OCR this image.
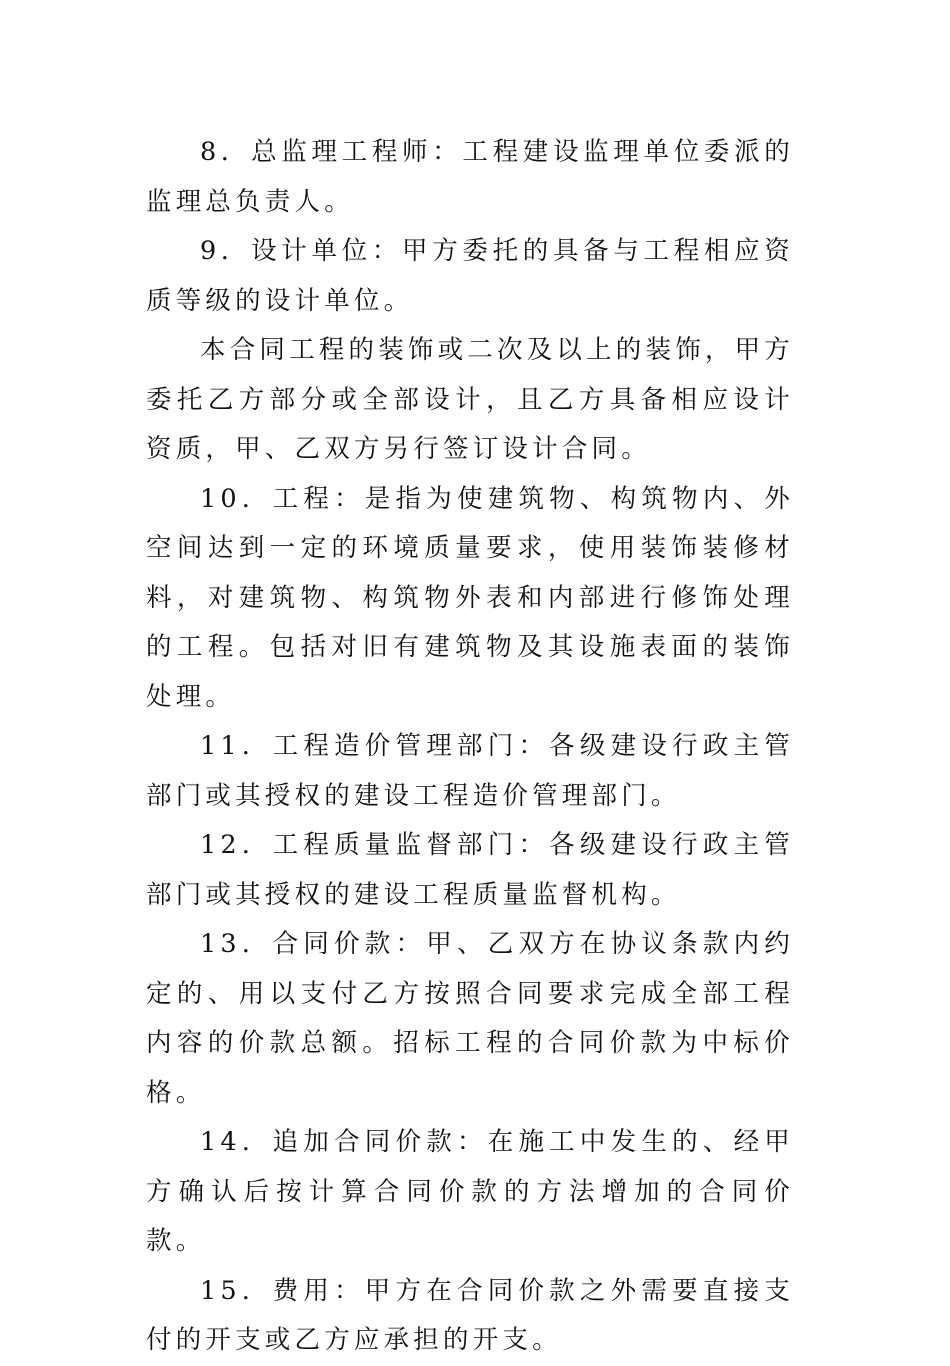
8．总监理工程师：工程建设监理单位委派的监理总负责人。

9．设计单位：甲方委托的具备与工程相应资质等级的设计单位。

本合同工程的装饰或二次及以上的装饰，甲方委托乙方部分或全部设计，且乙方具备相应设计资质，甲、乙双方另行签订设计合同。

10．工程：是指为使建筑物、构筑物内、外空间达到一定的环境质量要求，使用装饰装修材料，对建筑物、构筑物外表和内部进行修饰处理的工程。包括对旧有建筑物及其设施表面的装饰处理。

11．工程造价管理部门：各级建设行政主管部门或其授权的建设工程造价管理部门。

12．工程质量监督部门：各级建设行政主管部门或其授权的建设工程质量监督机构。

13．合同价款：甲、乙双方在协议条款内约定的、用以支付乙方按照合同要求完成全部工程内容的价款总额。招标工程的合同价款为中标价格。

14．追加合同价款：在施工中发生的、经甲方确认后按计算合同价款的方法增加的合同价款。

15．费用：甲方在合同价款之外需要直接支付的开支或乙方应承担的开支。
